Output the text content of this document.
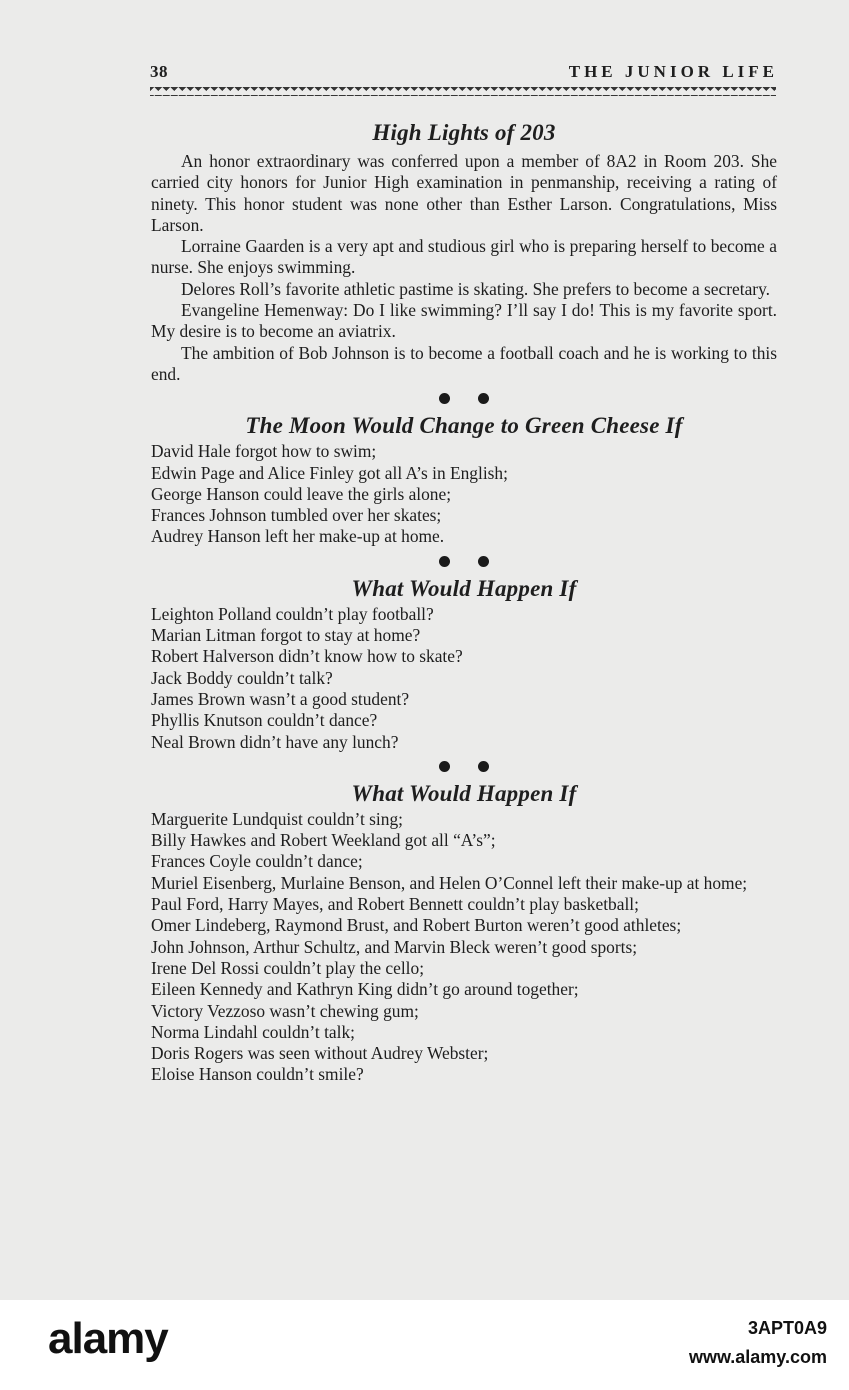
38	THE JUNIOR LIFE
High Lights of 203

An honor extraordinary was conferred upon a member of 8A2 in Room 203. She carried city honors for Junior High examination in penmanship, receiving a rating of ninety. This honor student was none other than Esther Larson. Congratulations, Miss Larson.

Lorraine Gaarden is a very apt and studious girl who is preparing herself to become a nurse. She enjoys swimming.

Delores Roll’s favorite athletic pastime is skating. She prefers to become a secretary.

Evangeline Hemenway: Do I like swimming? I’ll say I do! This is my favorite sport. My desire is to become an aviatrix.

The ambition of Bob Johnson is to become a football coach and he is working to this end.

The Moon Would Change to Green Cheese If

David Hale forgot how to swim;

Edwin Page and Alice Finley got all A’s in English;

George Hanson could leave the girls alone;

Frances Johnson tumbled over her skates;

Audrey Hanson left her make-up at home.

What Would Happen If

Leighton Polland couldn’t play football?

Marian Litman forgot to stay at home?

Robert Halverson didn’t know how to skate?

Jack Boddy couldn’t talk?

James Brown wasn’t a good student?

Phyllis Knutson couldn’t dance?

Neal Brown didn’t have any lunch?

What Would Happen If

Marguerite Lundquist couldn’t sing;

Billy Hawkes and Robert Weekland got all “A’s”;

Frances Coyle couldn’t dance;

Muriel Eisenberg, Murlaine Benson, and Helen O’Connel left their make-up at home;

Paul Ford, Harry Mayes, and Robert Bennett couldn’t play basketball;

Omer Lindeberg, Raymond Brust, and Robert Burton weren’t good athletes;

John Johnson, Arthur Schultz, and Marvin Bleck weren’t good sports;

Irene Del Rossi couldn’t play the cello;

Eileen Kennedy and Kathryn King didn’t go around together;

Victory Vezzoso wasn’t chewing gum;

Norma Lindahl couldn’t talk;

Doris Rogers was seen without Audrey Webster;

Eloise Hanson couldn’t smile?

alamy	3APT0A9
www.alamy.com
